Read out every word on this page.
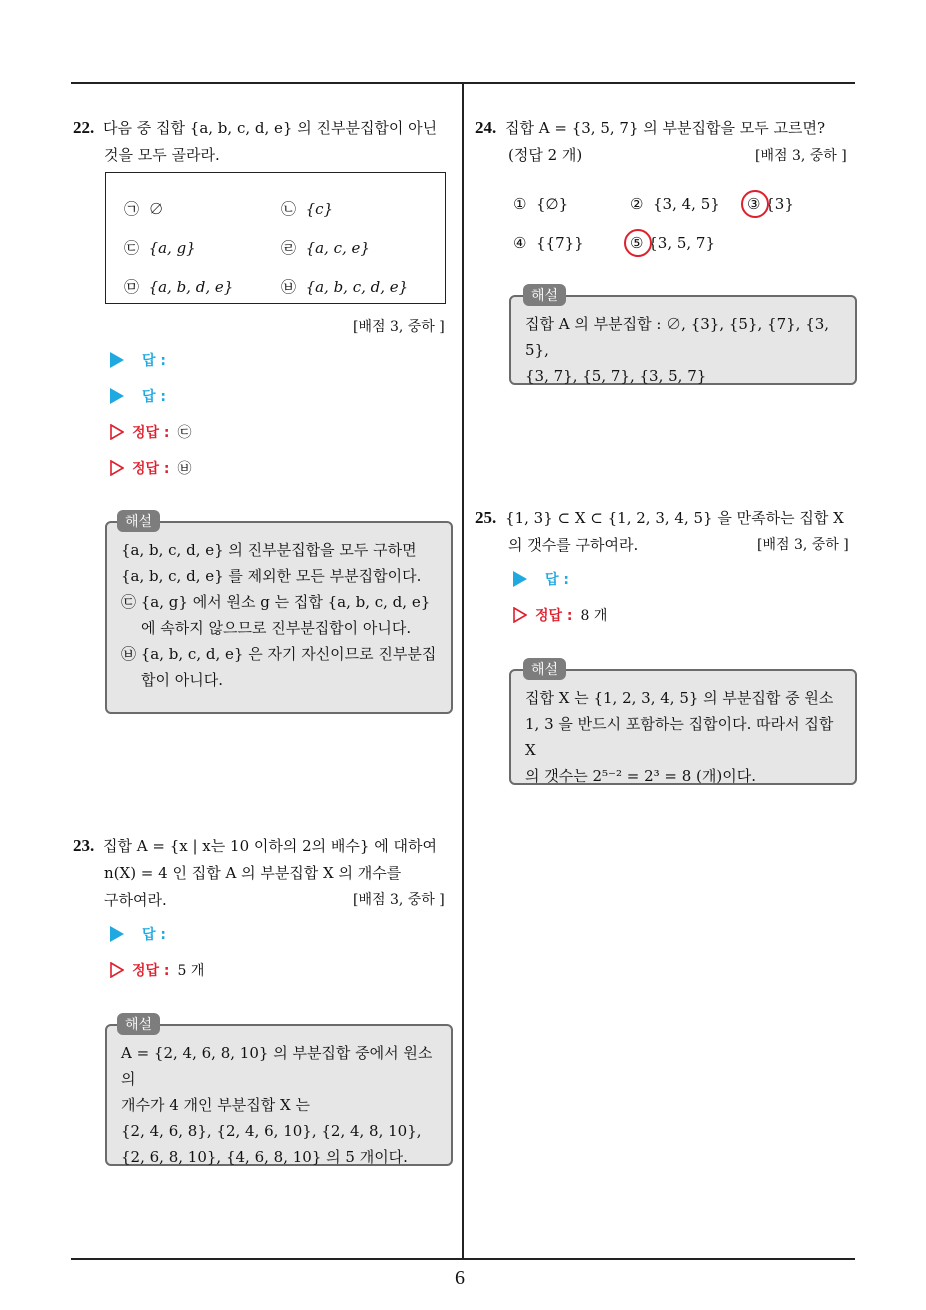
6
22. 다음 중 집합 {a, b, c, d, e} 의 진부분집합이 아닌
것을 모두 골라라.
㉠ ∅	㉡ {c}
㉢ {a, g}	㉣ {a, c, e}
㉤ {a, b, d, e}	㉥ {a, b, c, d, e}
[배점 3, 중하 ]
답 :
답 :
정답 : ㉢
정답 : ㉥

{a, b, c, d, e} 의 진부분집합을 모두 구하면

{a, b, c, d, e} 를 제외한 모든 부분집합이다.

㉢ {a, g} 에서 원소 g 는 집합 {a, b, c, d, e} 에 속하지 않으므로 진부분집합이 아니다.

㉥ {a, b, c, d, e} 은 자기 자신이므로 진부분집합이 아니다.

해설
23. 집합 A = {x | x는 10 이하의 2의 배수} 에 대하여
n(X) = 4 인 집합 A 의 부분집합 X 의 개수를
구하여라.	[배점 3, 중하 ]
답 :
정답 : 5 개

A = {2, 4, 6, 8, 10} 의 부분집합 중에서 원소의

개수가 4 개인 부분집합 X 는

{2, 4, 6, 8}, {2, 4, 6, 10}, {2, 4, 8, 10},

{2, 6, 8, 10}, {4, 6, 8, 10} 의 5 개이다.

해설
24. 집합 A = {3, 5, 7} 의 부분집합을 모두 고르면?
(정답 2 개)	[배점 3, 중하 ]
① {∅}	② {3, 4, 5} ③ {3}
④ {{7}}	⑤ {3, 5, 7}

집합 A 의 부분집합 : ∅, {3}, {5}, {7}, {3, 5},

{3, 7}, {5, 7}, {3, 5, 7}

해설
25. {1, 3} ⊂ X ⊂ {1, 2, 3, 4, 5} 을 만족하는 집합 X
의 갯수를 구하여라.	[배점 3, 중하 ]
답 :
정답 : 8 개

집합 X 는 {1, 2, 3, 4, 5} 의 부분집합 중 원소

1, 3 을 반드시 포함하는 집합이다. 따라서 집합 X

의 갯수는 2⁵⁻² = 2³ = 8 (개)이다.

해설
